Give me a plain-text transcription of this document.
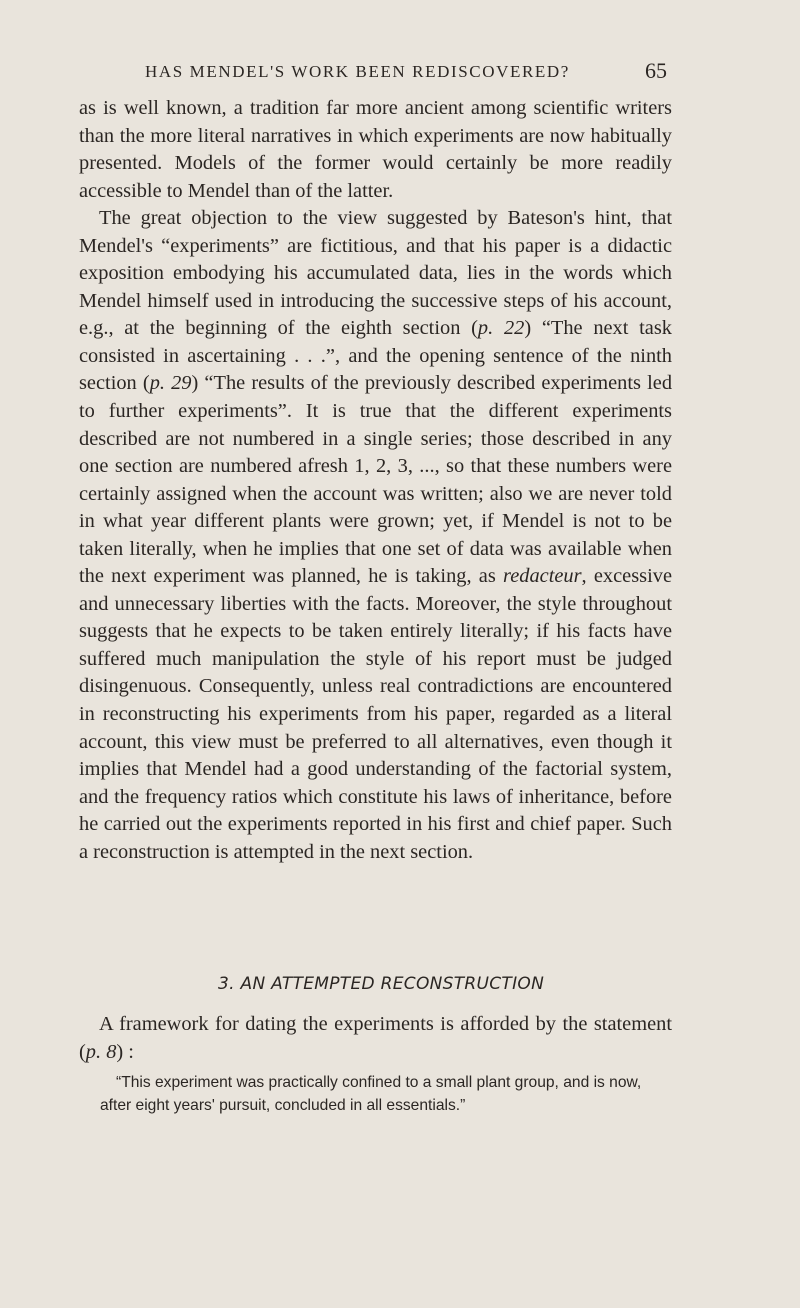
HAS MENDEL'S WORK BEEN REDISCOVERED?	65

as is well known, a tradition far more ancient among scientific writers than the more literal narratives in which experiments are now habitually presented. Models of the former would certainly be more readily accessible to Mendel than of the latter.

The great objection to the view suggested by Bateson's hint, that Mendel's “experiments” are fictitious, and that his paper is a didactic exposition embodying his accumulated data, lies in the words which Mendel himself used in introducing the successive steps of his account, e.g., at the beginning of the eighth section (p. 22) “The next task consisted in ascertaining . . .”, and the opening sentence of the ninth section (p. 29) “The results of the previously described experiments led to further experiments”. It is true that the different experiments described are not numbered in a single series; those described in any one section are numbered afresh 1, 2, 3, ..., so that these numbers were certainly assigned when the account was written; also we are never told in what year different plants were grown; yet, if Mendel is not to be taken literally, when he implies that one set of data was available when the next experiment was planned, he is taking, as redacteur, excessive and unnecessary liberties with the facts. Moreover, the style throughout suggests that he expects to be taken entirely literally; if his facts have suffered much manipulation the style of his report must be judged disingenuous. Consequently, unless real contradictions are encountered in reconstructing his experiments from his paper, regarded as a literal account, this view must be preferred to all alternatives, even though it implies that Mendel had a good understanding of the factorial system, and the frequency ratios which constitute his laws of inheritance, before he carried out the experiments reported in his first and chief paper. Such a reconstruction is attempted in the next section.

3. AN ATTEMPTED RECONSTRUCTION

A framework for dating the experiments is afforded by the statement (p. 8) :

“This experiment was practically confined to a small plant group, and is now, after eight years' pursuit, concluded in all essentials.”
